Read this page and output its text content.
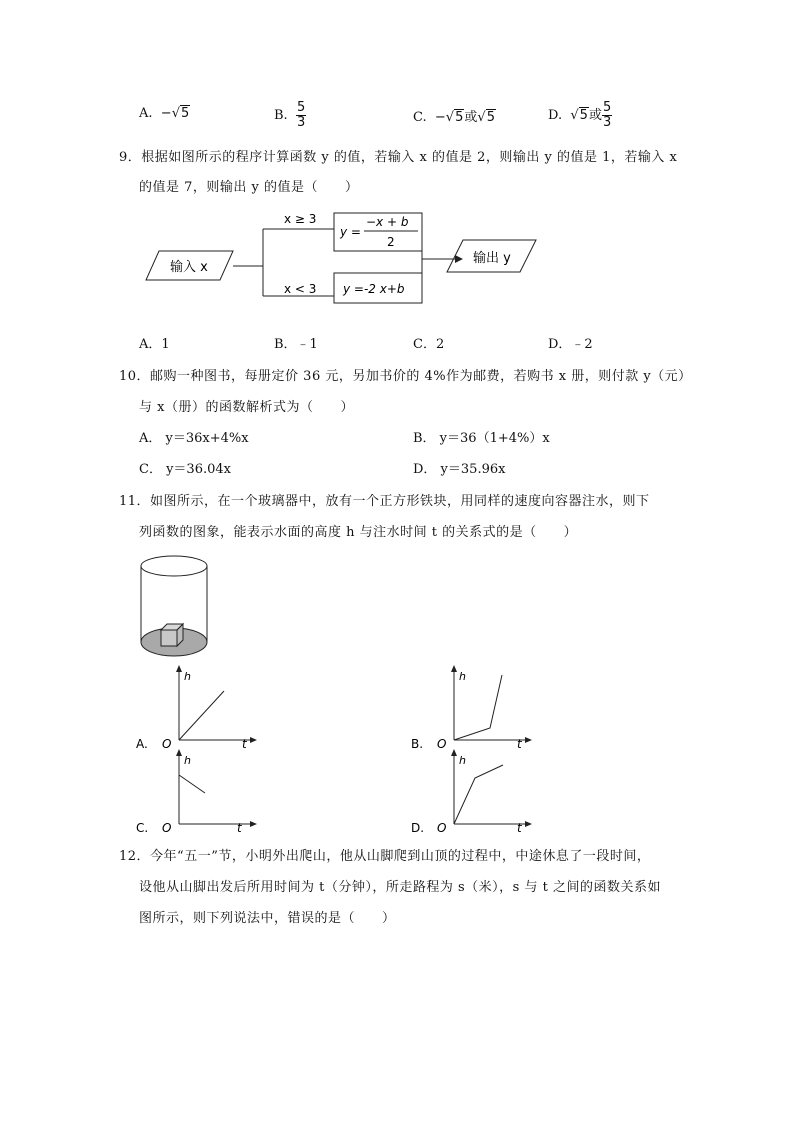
A. −√5	B. $\frac{5}{3}$	C. −√5或√5	D. √5或 $\frac{5}{3}$
9．根据如图所示的程序计算函数 y 的值，若输入 x 的值是 2，则输出 y 的值是 1，若输入 x
的值是 7，则输出 y 的值是（　　）
输入 x
x ≥ 3
x < 3
y =
−x + b
2
y =-2 x+b
输出 y
A．1	B．﹣1	C．2	D．﹣2
10．邮购一种图书，每册定价 36 元，另加书价的 4%作为邮费，若购书 x 册，则付款 y（元）
与 x（册）的函数解析式为（　　）
A． y＝36x+4%x	B． y＝36（1+4%）x
C． y＝36.04x	D． y＝35.96x
11．如图所示，在一个玻璃器中，放有一个正方形铁块，用同样的速度向容器注水，则下
列函数的图象，能表示水面的高度 h 与注水时间 t 的关系式的是（　　）
h
t
O
A.
h
t
O
B.
h
t
O
C.
h
t
O
D.
12．今年“五一”节，小明外出爬山，他从山脚爬到山顶的过程中，中途休息了一段时间，
设他从山脚出发后所用时间为 t（分钟），所走路程为 s（米），s 与 t 之间的函数关系如
图所示，则下列说法中，错误的是（　　）
